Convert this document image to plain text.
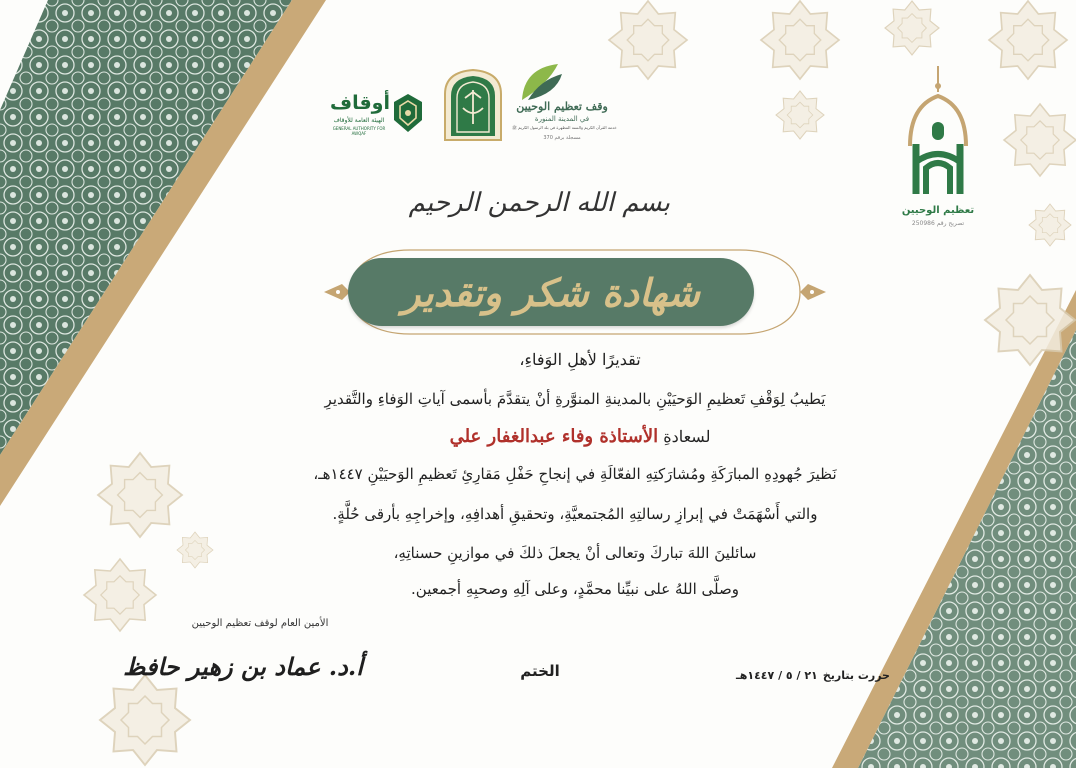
أوقاف
الهيئة العامة للأوقاف
GENERAL AUTHORITY FOR AWQAF
وقف تعظيم الوحيين
في المدينة المنورة
خدمة القرآن الكريم والسنة المطهرة في بلد الرسول الكريم ﷺ
مسجلة برقم 370
تعظيم الوحيين
تصريح رقم 250986
بسم الله الرحمن الرحيم
شهادة شكر وتقدير
تقديرًا لأهلِ الوَفاءِ،
يَطيبُ لِوَقْفِ تَعظيمِ الوَحيَيْنِ بالمدينةِ المنوَّرةِ أنْ يتقدَّمَ بأسمى آياتِ الوَفاءِ والتَّقديرِ
لسعادةِ الأستاذة وفاء عبدالغفار علي
نَظيرَ جُهودِهِ المبارَكَةِ ومُشارَكتِهِ الفعّالَةِ في إنجاحِ حَفْلِ مَقارِئِ تَعظيمِ الوَحيَيْنِ ١٤٤٧هـ،
والتي أَسْهَمَتْ في إبرازِ رسالتِهِ المُجتمعيَّةِ، وتحقيقِ أهدافِهِ، وإخراجِهِ بأرقى حُلَّةٍ.
سائلينَ اللهَ تباركَ وتعالى أنْ يجعلَ ذلكَ في موازينِ حسناتِهِ،
وصلَّى اللهُ على نبيِّنا محمَّدٍ، وعلى آلِهِ وصحبِهِ أجمعين.
الأمين العام لوقف تعظيم الوحيين
أ.د. عماد بن زهير حافظ	الختم	حررت بتاريخ ٢١ / ٥ / ١٤٤٧هـ
